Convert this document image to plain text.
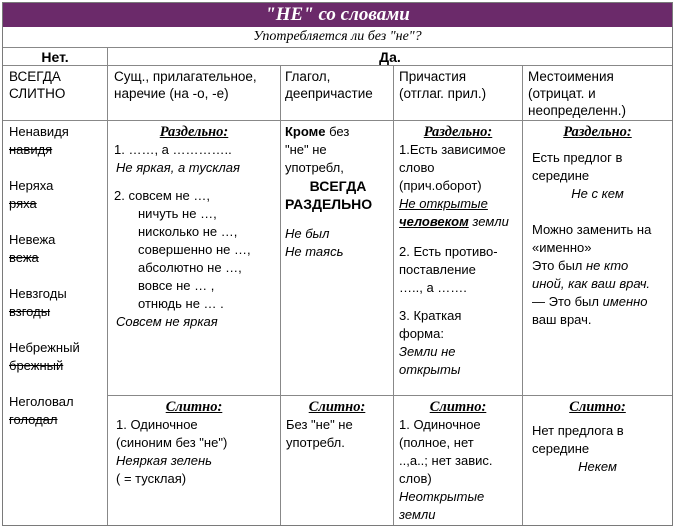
"НЕ" со словами
Употребляется ли без "не"?
Нет.	Да.
ВСЕГДА
СЛИТНО
Сущ., прилагательное,
наречие (на -о, -е)
Глагол,
деепричастие
Причастия
(отглаг. прил.)
Местоимения
(отрицат. и
неопределенн.)
Ненавидя
навидя
Неряха
ряха
Невежа
вежа
Невзгоды
взгоды
Небрежный
брежный
Неголовал
голодал
Раздельно:
1. ……, а …………..
Не яркая, а тусклая
2. совсем не …,
ничуть не …,
нисколько не …,
совершенно не …,
абсолютно не …,
вовсе не … ,
отнюдь не … .
Совсем не яркая
Кроме без
"не" не
употребл,
ВСЕГДА
РАЗДЕЛЬНО
Не был
Не таясь
Раздельно:
1.Есть зависимое
слово
(прич.оборот)
Не открытые
человеком земли
2. Есть противо-
поставление
….., а …….
3. Краткая
форма:
Земли не
открыты
Раздельно:
Есть предлог в
середине
Не с кем
Можно заменить на
«именно»
Это был не кто
иной, как ваш врач.
— Это был именно
ваш врач.
Слитно:
1. Одиночное
(синоним без "не")
Неяркая зелень
( = тусклая)
Слитно:
Без "не" не
употребл.
Слитно:
1. Одиночное
(полное, нет
..,а..; нет завис.
слов)
Неоткрытые
земли
Слитно:
Нет предлога в
середине
Некем
